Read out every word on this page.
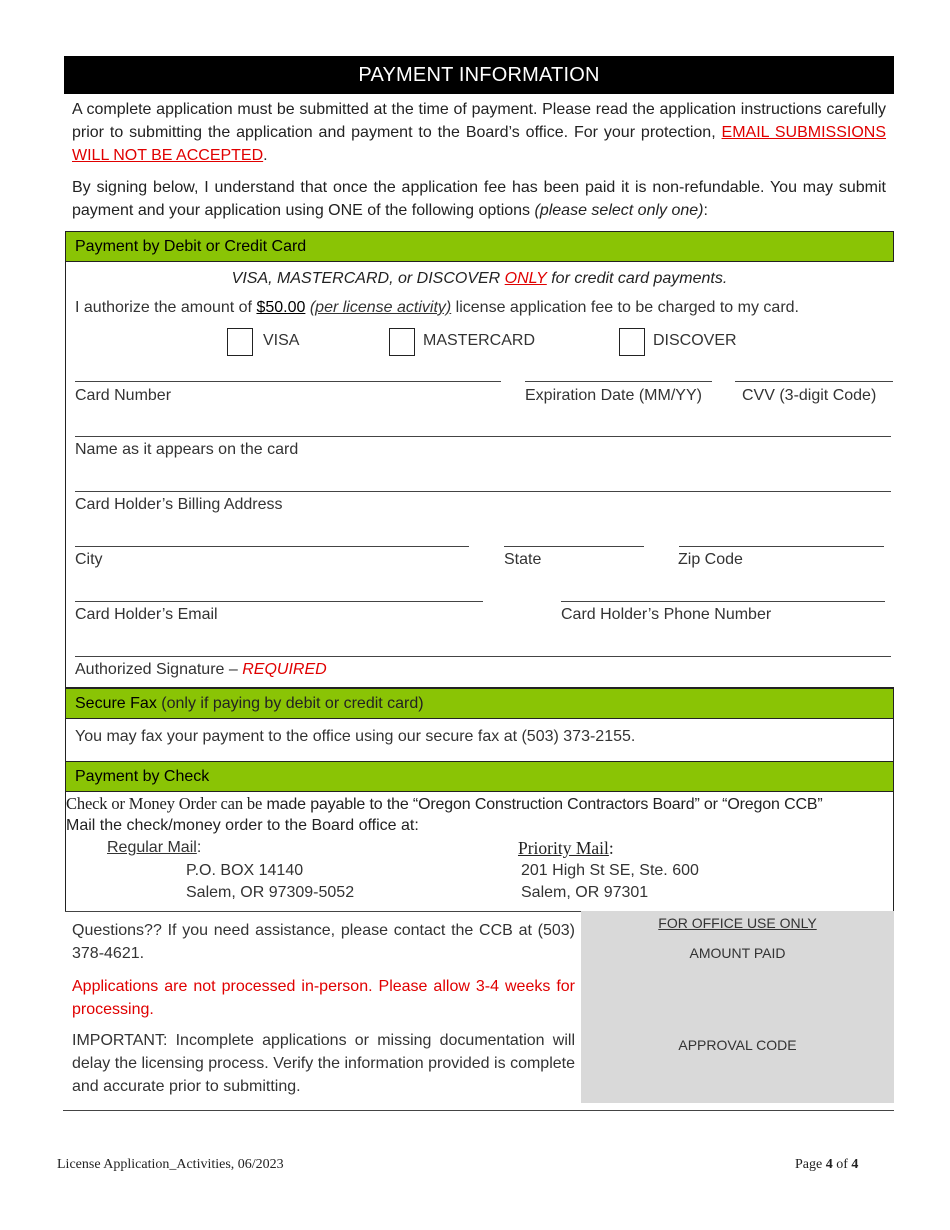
PAYMENT INFORMATION
A complete application must be submitted at the time of payment. Please read the application instructions carefully prior to submitting the application and payment to the Board’s office. For your protection, EMAIL SUBMISSIONS WILL NOT BE ACCEPTED.
By signing below, I understand that once the application fee has been paid it is non-refundable. You may submit payment and your application using ONE of the following options (please select only one):
Payment by Debit or Credit Card
VISA, MASTERCARD, or DISCOVER ONLY for credit card payments.
I authorize the amount of $50.00 (per license activity) license application fee to be charged to my card.
VISA	MASTERCARD	DISCOVER
Card Number	Expiration Date (MM/YY)	CVV (3-digit Code)
Name as it appears on the card
Card Holder’s Billing Address
City	State	Zip Code
Card Holder’s Email	Card Holder’s Phone Number
Authorized Signature – REQUIRED
Secure Fax (only if paying by debit or credit card)
You may fax your payment to the office using our secure fax at (503) 373-2155.
Payment by Check
Check or Money Order can be made payable to the “Oregon Construction Contractors Board” or “Oregon CCB”
Mail the check/money order to the Board office at:
Regular Mail:
P.O. BOX 14140
Salem, OR 97309-5052
Priority Mail:
201 High St SE, Ste. 600
Salem, OR 97301
Questions?? If you need assistance, please contact the CCB at (503) 378-4621.
Applications are not processed in-person. Please allow 3-4 weeks for processing.
IMPORTANT: Incomplete applications or missing documentation will delay the licensing process. Verify the information provided is complete and accurate prior to submitting.
FOR OFFICE USE ONLY
AMOUNT PAID
APPROVAL CODE
License Application_Activities, 06/2023	Page 4 of 4
